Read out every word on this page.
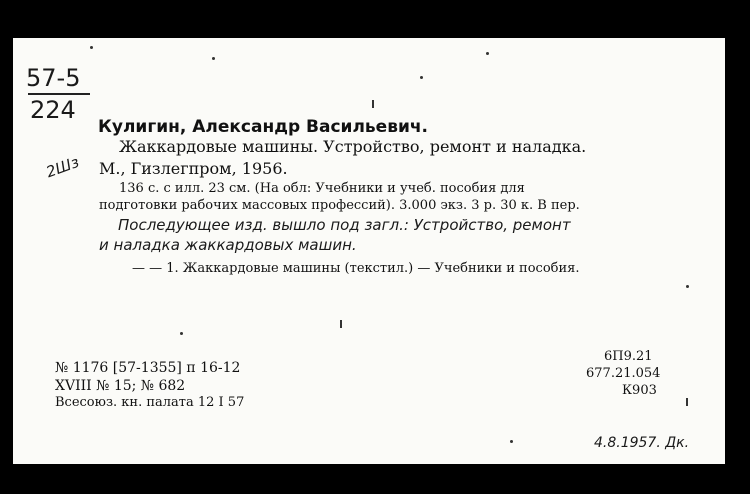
57-5
224
2Шз
Кулигин, Александр Васильевич.
Жаккардовые машины. Устройство, ремонт и наладка.
М., Гизлегпром, 1956.
136 с. с илл. 23 см. (На обл: Учебники и учеб. пособия для
подготовки рабочих массовых профессий). 3.000 экз. 3 р. 30 к. В пер.
Последующее изд. вышло под загл.: Устройство, ремонт
и наладка жаккардовых машин.
— — 1. Жаккардовые машины (текстил.) — Учебники и пособия.
№ 1176 [57-1355] п 16-12
XVIII № 15; № 682
Всесоюз. кн. палата 12 I 57
6П9.21
677.21.054
К903
4.8.1957. Дк.
